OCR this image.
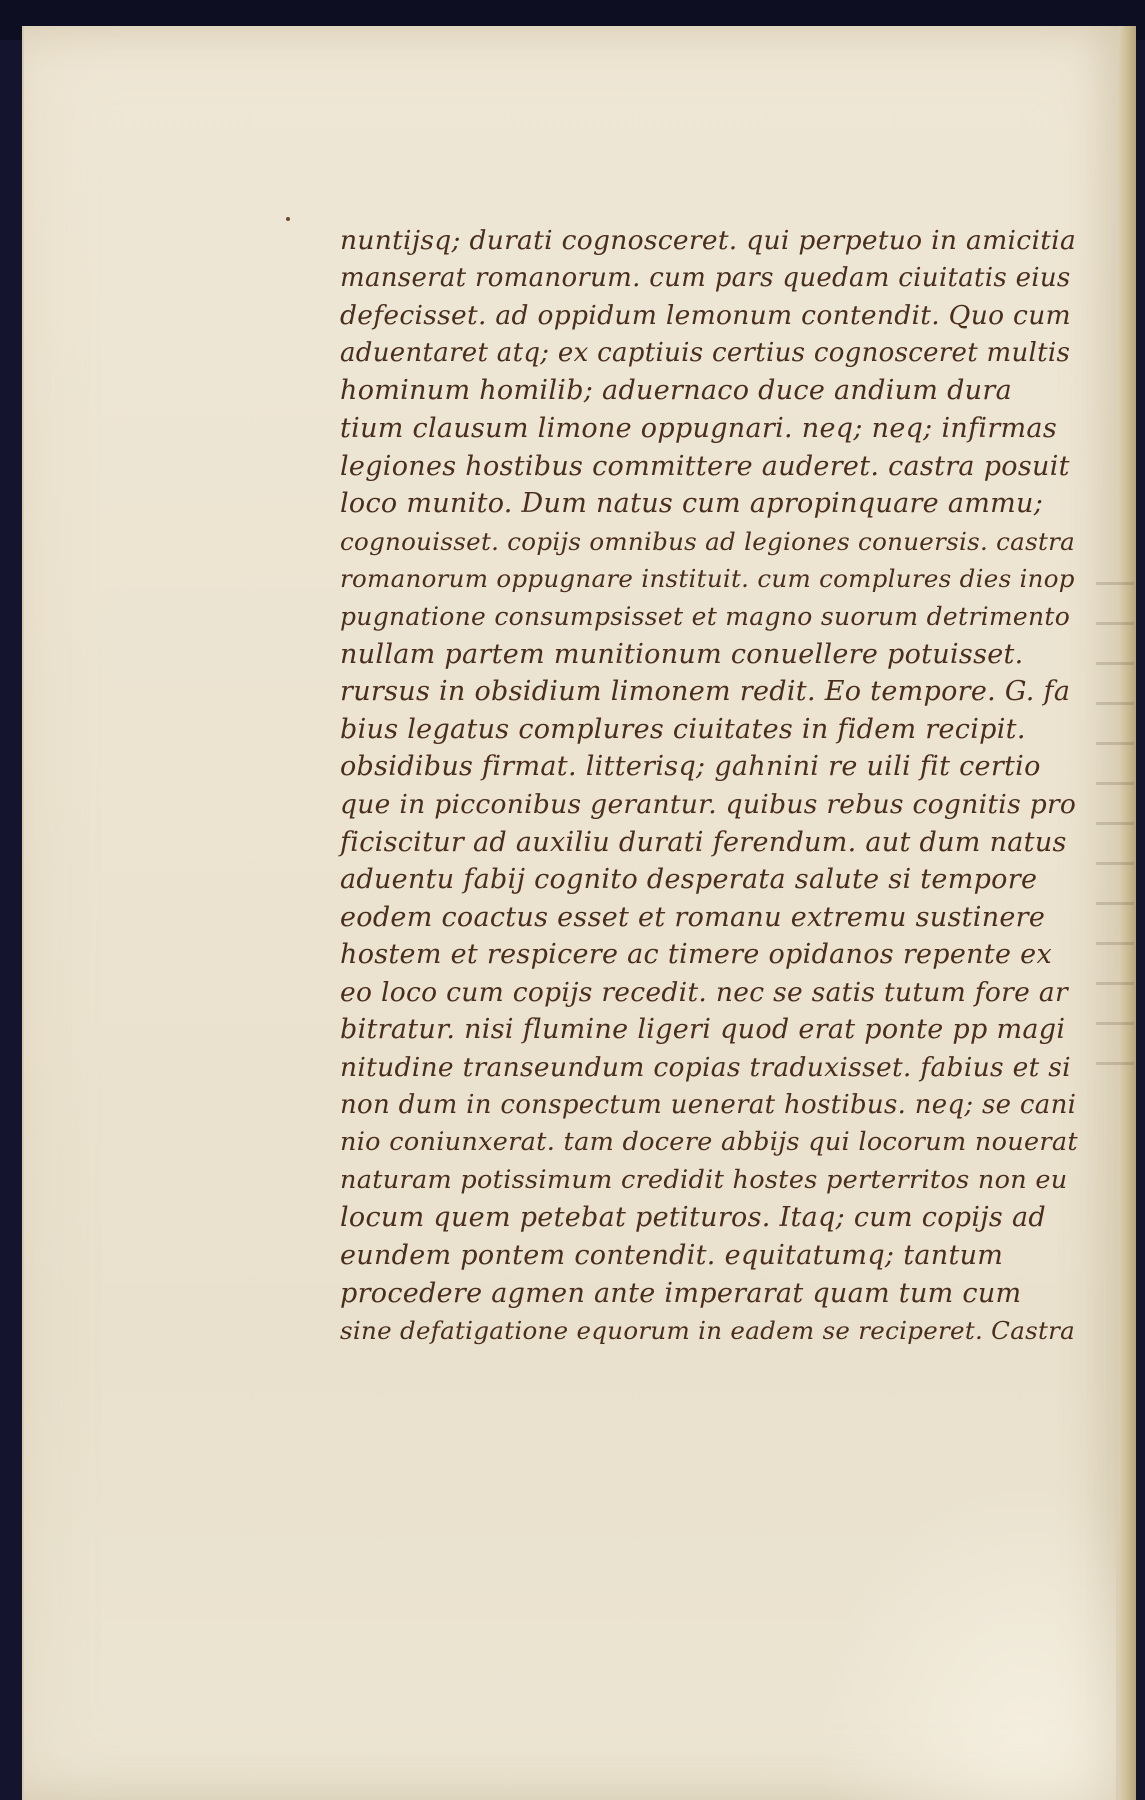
nuntijsq; durati cognosceret. qui perpetuo in amicitia
manserat romanorum. cum pars quedam ciuitatis eius
defecisset. ad oppidum lemonum contendit. Quo cum
aduentaret atq; ex captiuis certius cognosceret multis
hominum homilib; aduernaco duce andium dura
tium clausum limone oppugnari. neq; neq; infirmas
legiones hostibus committere auderet. castra posuit
loco munito. Dum natus cum apropinquare ammu;
cognouisset. copijs omnibus ad legiones conuersis. castra
romanorum oppugnare instituit. cum complures dies inop
pugnatione consumpsisset et magno suorum detrimento
nullam partem munitionum conuellere potuisset.
rursus in obsidium limonem redit. Eo tempore. G. fa
bius legatus complures ciuitates in fidem recipit.
obsidibus firmat. litterisq; gahnini re uili fit certio
que in picconibus gerantur. quibus rebus cognitis pro
ficiscitur ad auxiliu durati ferendum. aut dum natus
aduentu fabij cognito desperata salute si tempore
eodem coactus esset et romanu extremu sustinere
hostem et respicere ac timere opidanos repente ex
eo loco cum copijs recedit. nec se satis tutum fore ar
bitratur. nisi flumine ligeri quod erat ponte pp magi
nitudine transeundum copias traduxisset. fabius et si
non dum in conspectum uenerat hostibus. neq; se cani
nio coniunxerat. tam docere abbijs qui locorum nouerat
naturam potissimum credidit hostes perterritos non eu
locum quem petebat petituros. Itaq; cum copijs ad
eundem pontem contendit. equitatumq; tantum
procedere agmen ante imperarat quam tum cum
sine defatigatione equorum in eadem se reciperet. Castra
